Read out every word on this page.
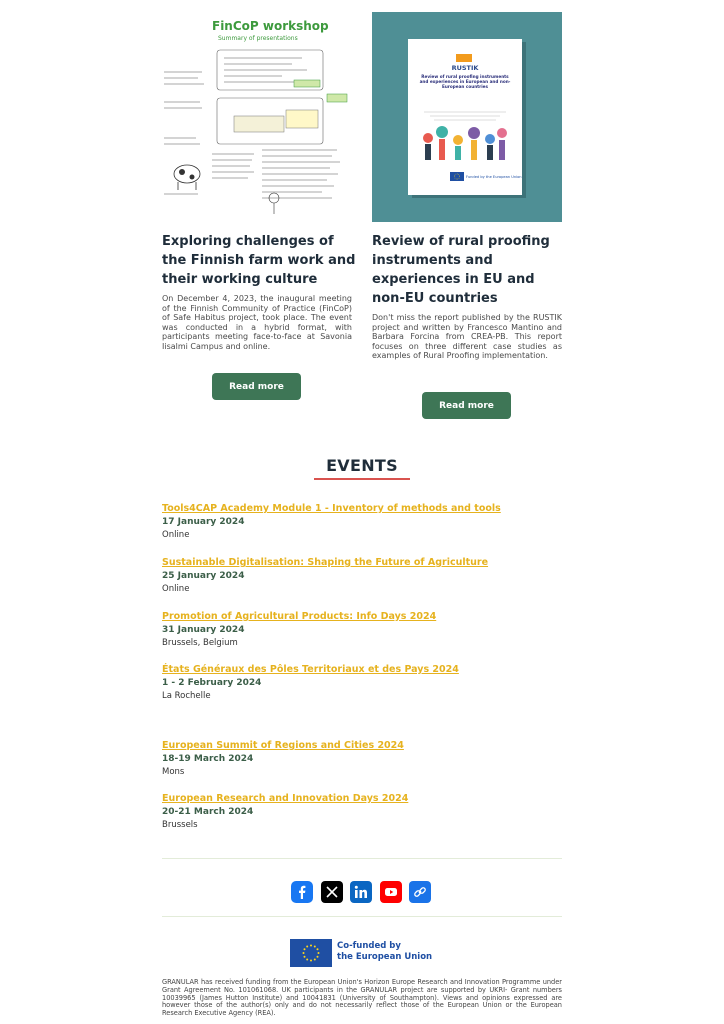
FinCoP workshop
Summary of presentations
RUSTIK
Review of rural proofing instruments and experiences in European and non-European countries
Funded by the European Union
Exploring challenges of
the Finnish farm work and
their working culture
Review of rural proofing
instruments and
experiences in EU and
non-EU countries
On December 4, 2023, the inaugural meeting of the Finnish Community of Practice (FinCoP) of Safe Habitus project, took place. The event was conducted in a hybrid format, with participants meeting face-to-face at Savonia Iisalmi Campus and online.
Don't miss the report published by the RUSTIK project and written by Francesco Mantino and Barbara Forcina from CREA-PB. This report focuses on three different case studies as examples of Rural Proofing implementation.
Read more
Read more
EVENTS
Tools4CAP Academy Module 1 - Inventory of methods and tools
17 January 2024
Online
Sustainable Digitalisation: Shaping the Future of Agriculture
25 January 2024
Online
Promotion of Agricultural Products: Info Days 2024
31 January 2024
Brussels, Belgium
États Généraux des Pôles Territoriaux et des Pays 2024
1 - 2 February 2024
La Rochelle
European Summit of Regions and Cities 2024
18-19 March 2024
Mons
European Research and Innovation Days 2024
20-21 March 2024
Brussels
Co-funded by
the European Union
GRANULAR has received funding from the European Union's Horizon Europe Research and Innovation Programme under Grant Agreement No. 101061068. UK participants in the GRANULAR project are supported by UKRI- Grant numbers 10039965 (James Hutton Institute) and 10041831 (University of Southampton). Views and opinions expressed are however those of the author(s) only and do not necessarily reflect those of the European Union or the European Research Executive Agency (REA).
